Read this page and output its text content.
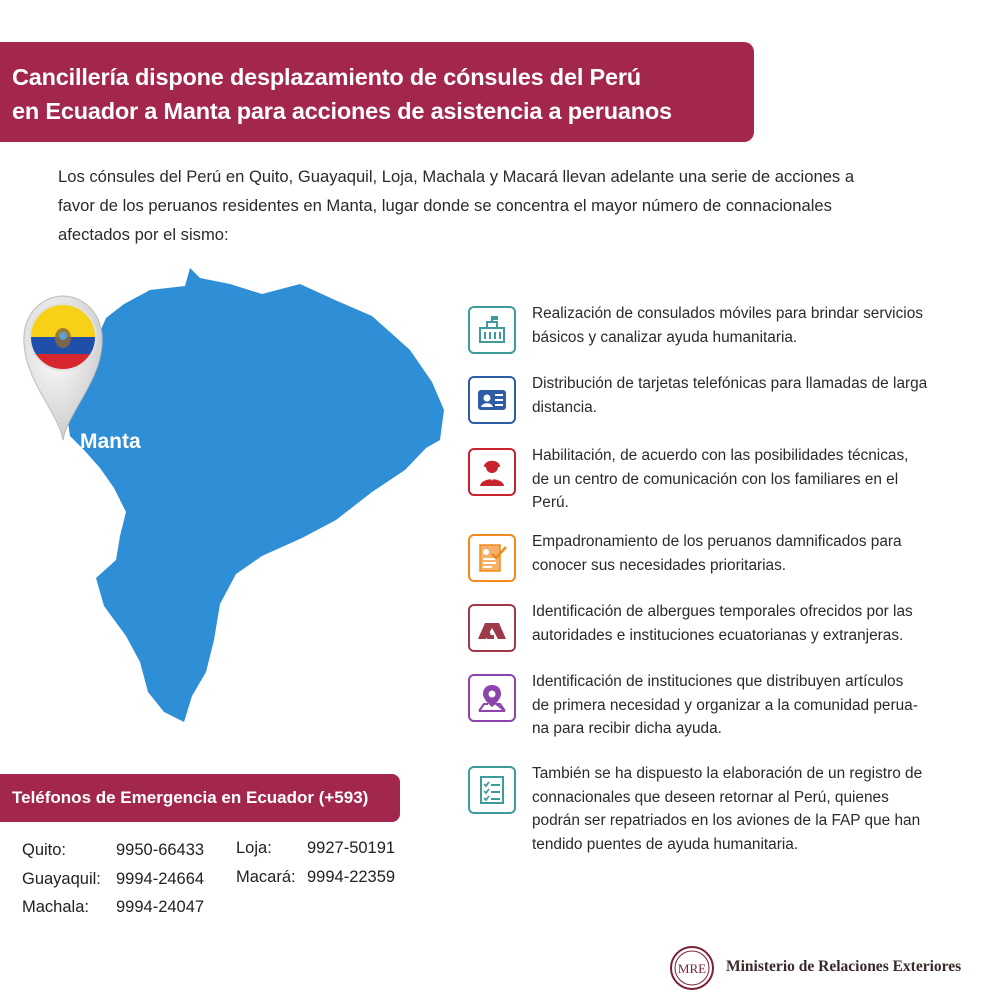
Cancillería dispone desplazamiento de cónsules del Perú
en Ecuador a Manta para acciones de asistencia a peruanos
Los cónsules del Perú en Quito, Guayaquil, Loja, Machala y Macará llevan adelante una serie de acciones a
favor de los peruanos residentes en Manta, lugar donde se concentra el mayor número de connacionales
afectados por el sismo:
Manta
Realización de consulados móviles para brindar servicios
básicos y canalizar ayuda humanitaria.
Distribución de tarjetas telefónicas para llamadas de larga
distancia.
Habilitación, de acuerdo con las posibilidades técnicas,
de un centro de comunicación con los familiares en el
Perú.
Empadronamiento de los peruanos damnificados para
conocer sus necesidades prioritarias.
Identificación de albergues temporales ofrecidos por las
autoridades e instituciones ecuatorianas y extranjeras.
Identificación de instituciones que distribuyen artículos
de primera necesidad y organizar a la comunidad perua-
na para recibir dicha ayuda.
También se ha dispuesto la elaboración de un registro de
connacionales que deseen retornar al Perú, quienes
podrán ser repatriados en los aviones de la FAP que han
tendido puentes de ayuda humanitaria.
Teléfonos de Emergencia en Ecuador (+593)
Quito:	9950-66433
Guayaquil: 9994-24664
Machala: 9994-24047
Loja: 9927-50191
Macará: 9994-22359
MRE Ministerio de Relaciones Exteriores
